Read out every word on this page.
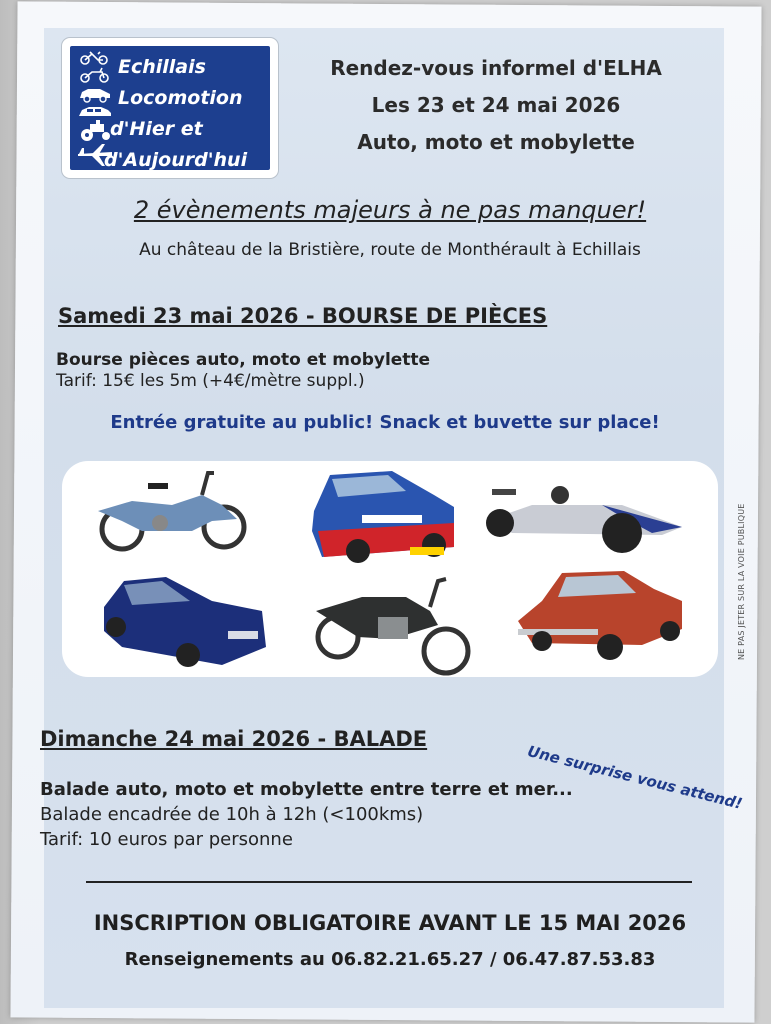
Echillais
Locomotion
d'Hier et
d'Aujourd'hui
Rendez-vous informel d'ELHA
Les 23 et 24 mai 2026
Auto, moto et mobylette
2 évènements majeurs à ne pas manquer!
Au château de la Bristière, route de Monthérault à Echillais
Samedi 23 mai 2026 - BOURSE DE PIÈCES
Bourse pièces auto, moto et mobylette
Tarif: 15€ les 5m (+4€/mètre suppl.)
Entrée gratuite au public! Snack et buvette sur place!
NE PAS JETER SUR LA VOIE PUBLIQUE
Dimanche 24 mai 2026 - BALADE
Une surprise vous attend!
Balade auto, moto et mobylette entre terre et mer...
Balade encadrée de 10h à 12h (<100kms)
Tarif: 10 euros par personne
INSCRIPTION OBLIGATOIRE AVANT LE 15 MAI 2026
Renseignements au 06.82.21.65.27 / 06.47.87.53.83
